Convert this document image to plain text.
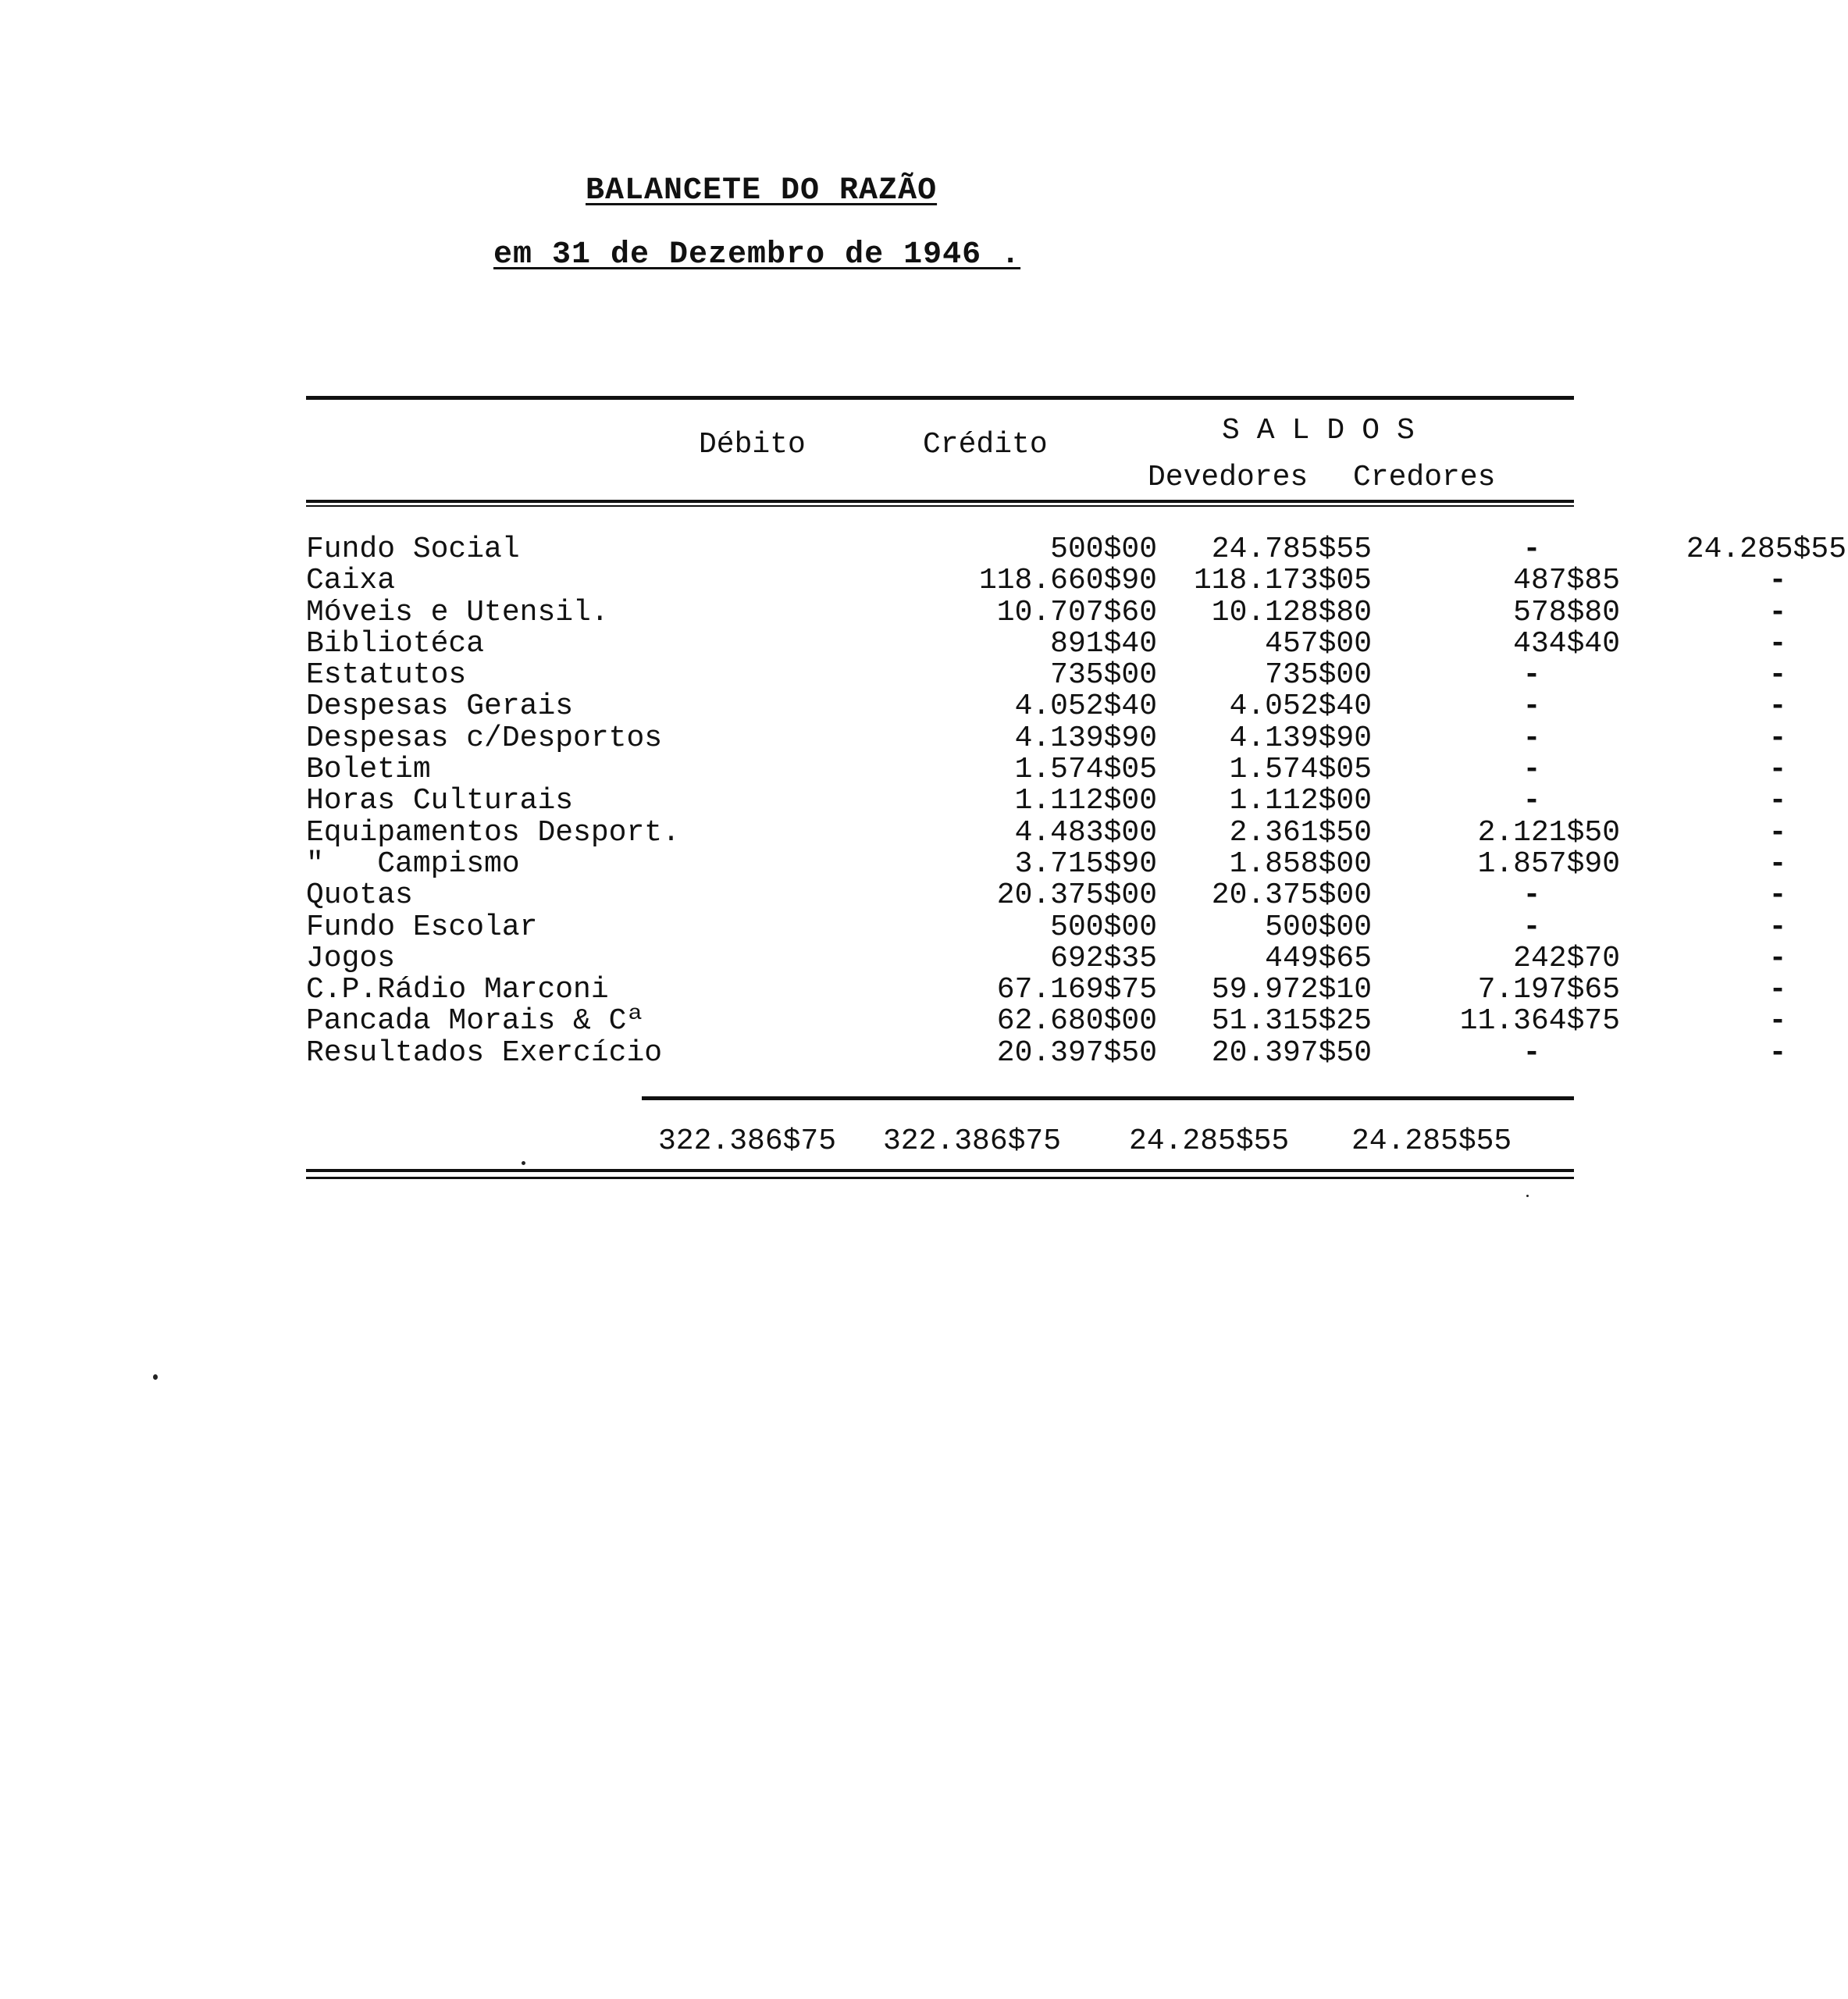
BALANCETE DO RAZÃO
em 31 de Dezembro de 1946 .
Débito	Crédito	SALDOS
Devedores Credores
Fundo Social	500$00	24.785$55	-	24.285$55
Caixa	118.660$90	118.173$05	487$85	-
Móveis e Utensil.	10.707$60	10.128$80	578$80	-
Bibliotéca	891$40	457$00	434$40	-
Estatutos	735$00	735$00	-	-
Despesas Gerais	4.052$40	4.052$40	-	-
Despesas c/Desportos	4.139$90	4.139$90	-	-
Boletim	1.574$05	1.574$05	-	-
Horas Culturais	1.112$00	1.112$00	-	-
Equipamentos Desport.	4.483$00	2.361$50	2.121$50	-
"   Campismo	3.715$90	1.858$00	1.857$90	-
Quotas	20.375$00	20.375$00	-	-
Fundo Escolar	500$00	500$00	-	-
Jogos	692$35	449$65	242$70	-
C.P.Rádio Marconi	67.169$75	59.972$10	7.197$65	-
Pancada Morais & Cª	62.680$00	51.315$25	11.364$75	-
Resultados Exercício	20.397$50	20.397$50	-	-
322.386$75 322.386$75 24.285$55 24.285$55
